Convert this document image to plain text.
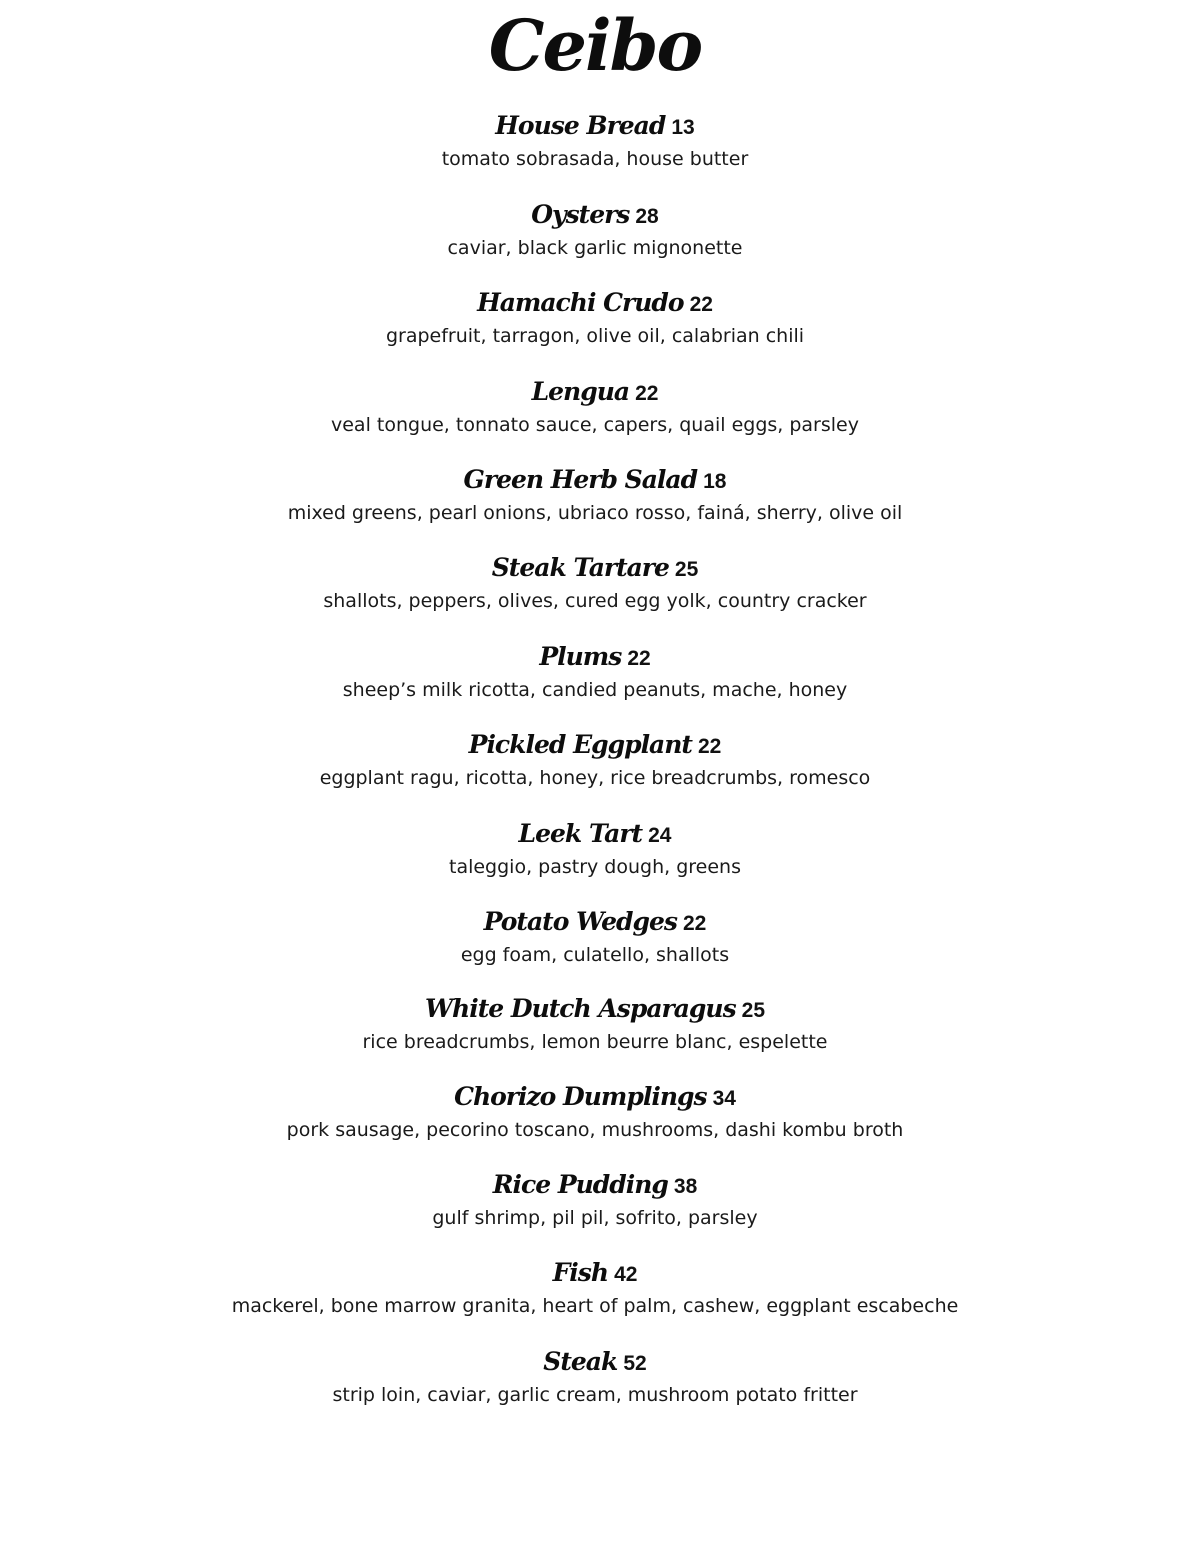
Ceibo
House Bread 13
tomato sobrasada, house butter
Oysters 28
caviar, black garlic mignonette
Hamachi Crudo 22
grapefruit, tarragon, olive oil, calabrian chili
Lengua 22
veal tongue, tonnato sauce, capers, quail eggs, parsley
Green Herb Salad 18
mixed greens, pearl onions, ubriaco rosso, fainá, sherry, olive oil
Steak Tartare 25
shallots, peppers, olives, cured egg yolk, country cracker
Plums 22
sheep’s milk ricotta, candied peanuts, mache, honey
Pickled Eggplant 22
eggplant ragu, ricotta, honey, rice breadcrumbs, romesco
Leek Tart 24
taleggio, pastry dough, greens
Potato Wedges 22
egg foam, culatello, shallots
White Dutch Asparagus 25
rice breadcrumbs, lemon beurre blanc, espelette
Chorizo Dumplings 34
pork sausage, pecorino toscano, mushrooms, dashi kombu broth
Rice Pudding 38
gulf shrimp, pil pil, sofrito, parsley
Fish 42
mackerel, bone marrow granita, heart of palm, cashew, eggplant escabeche
Steak 52
strip loin, caviar, garlic cream, mushroom potato fritter
